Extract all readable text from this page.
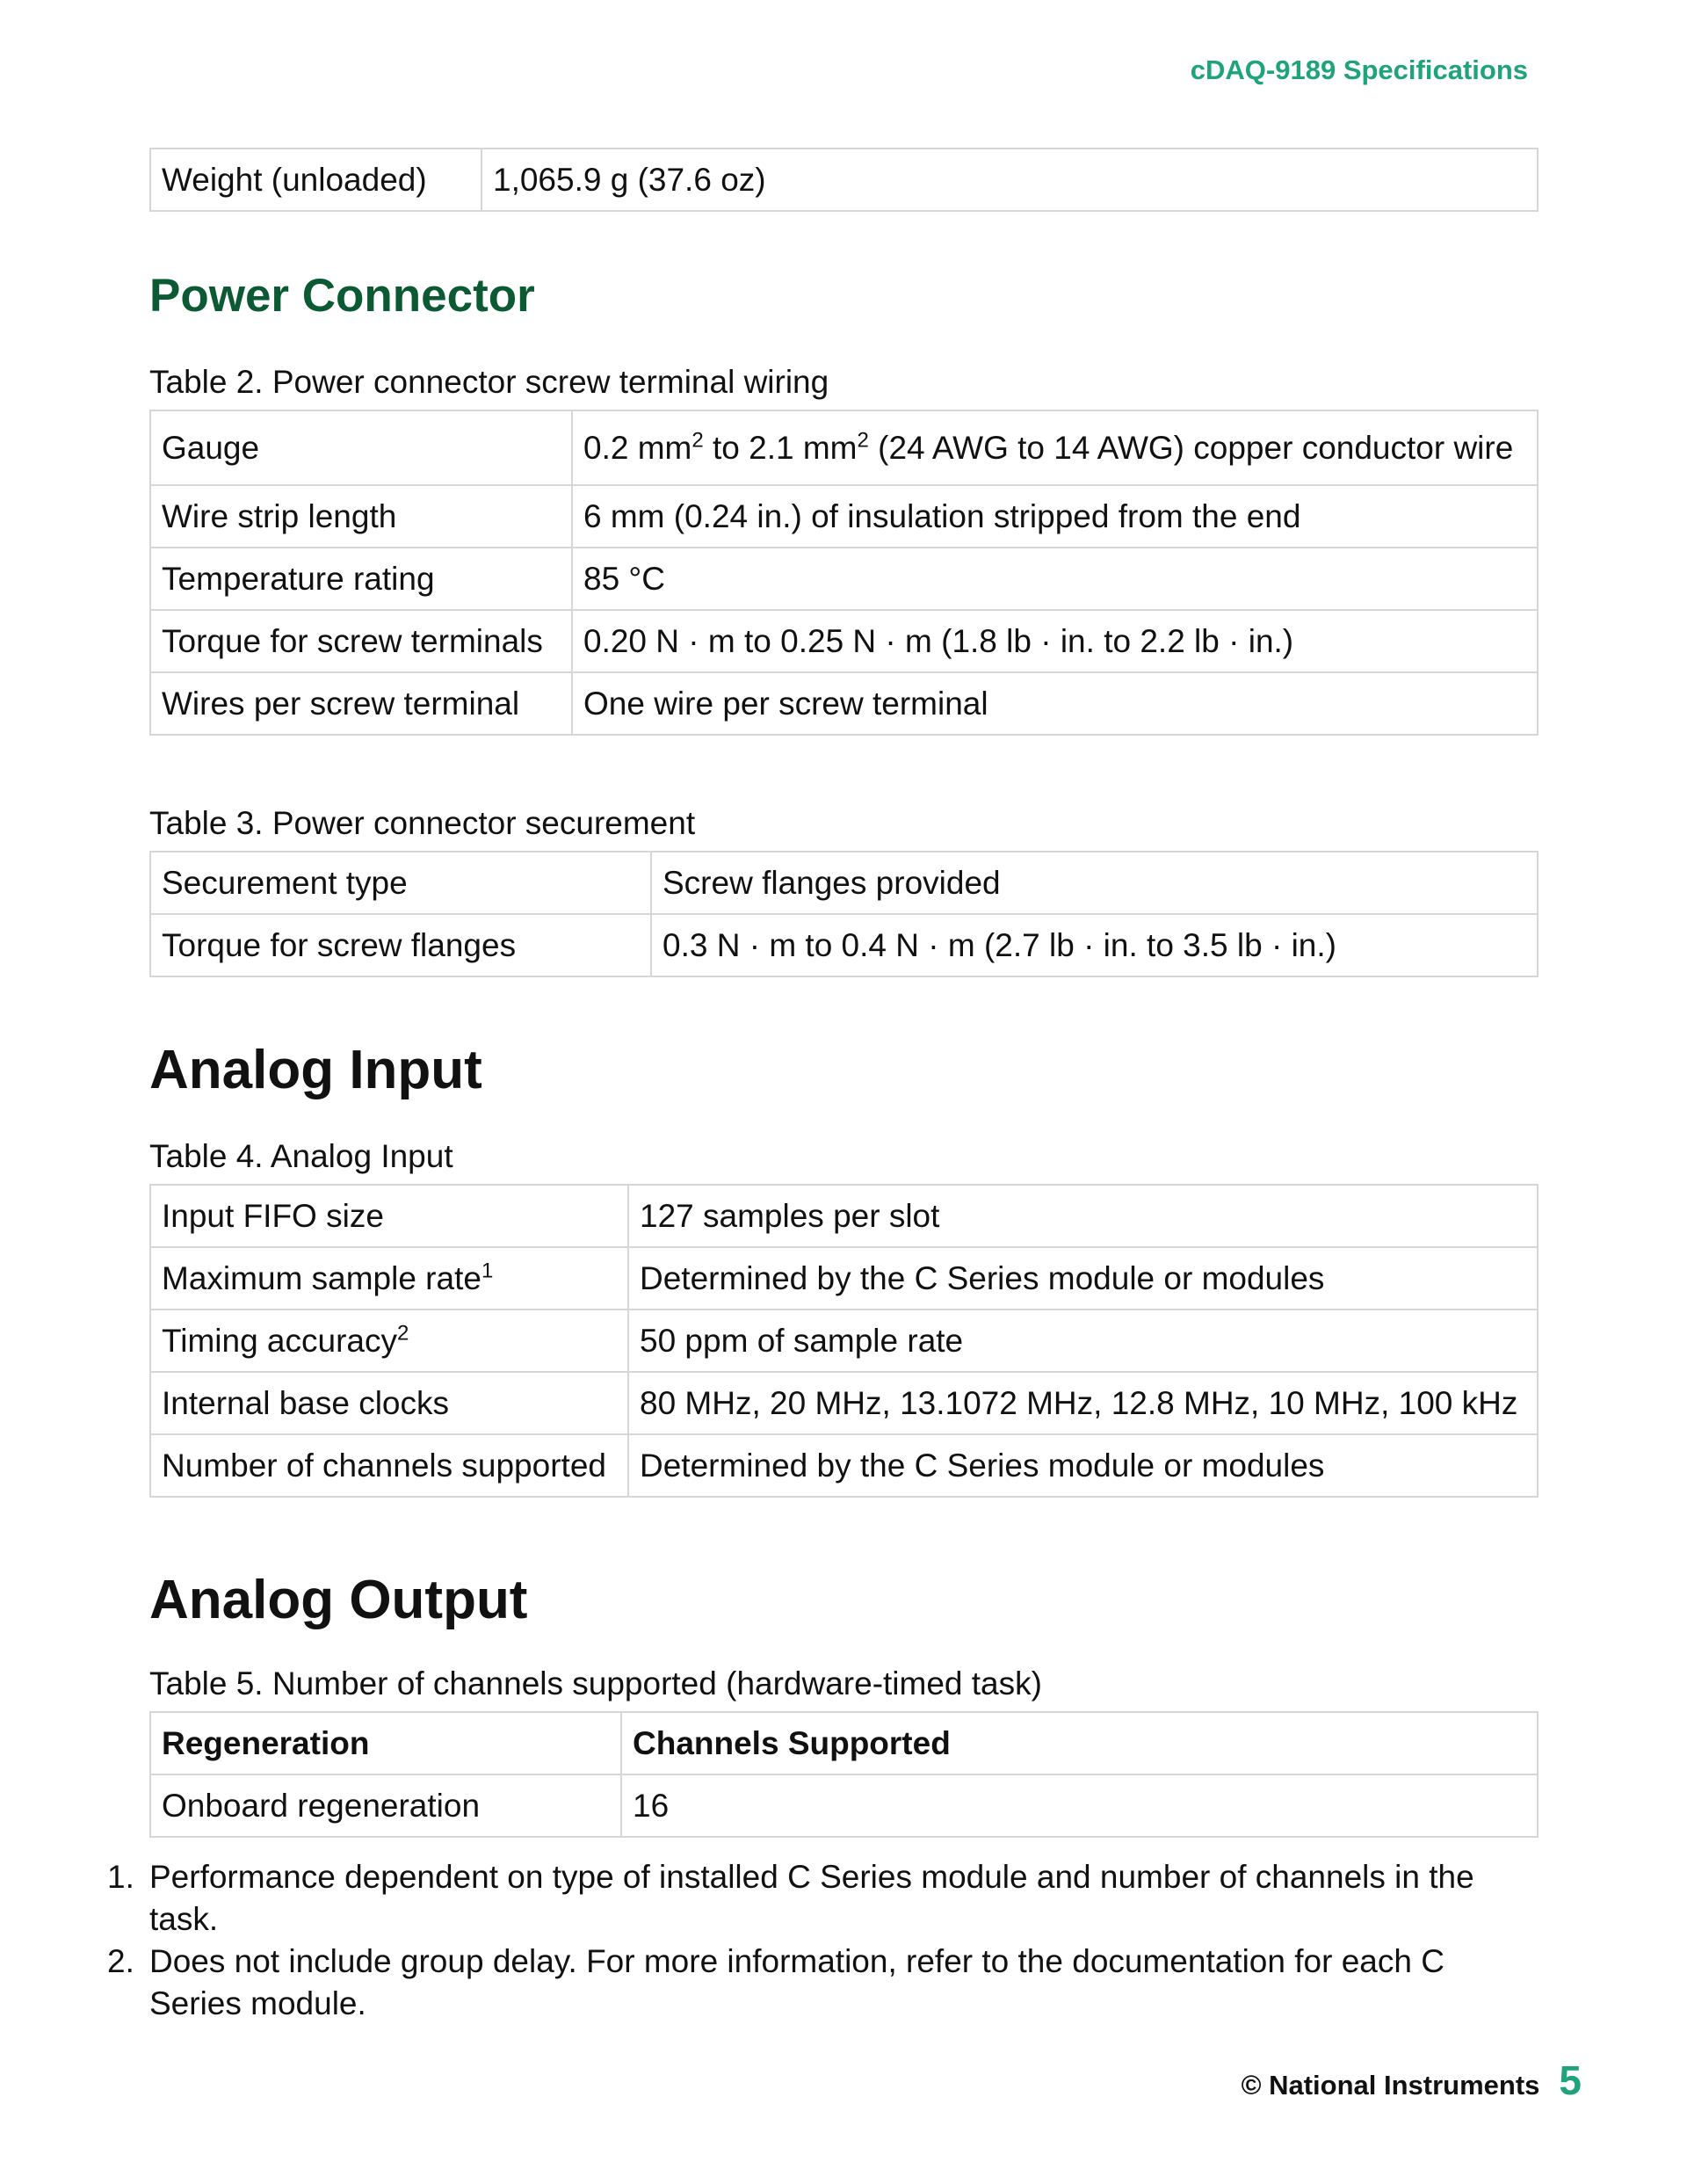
cDAQ-9189 Specifications
Weight (unloaded)	1,065.9 g (37.6 oz)
Power Connector
Table 2. Power connector screw terminal wiring
Gauge	0.2 $mm^2$ to 2.1 $mm^2$ (24 AWG to 14 AWG) copper conductor wire
Wire strip length	6 mm (0.24 in.) of insulation stripped from the end
Temperature rating	85 °C
Torque for screw terminals	0.20 N · m to 0.25 N · m (1.8 lb · in. to 2.2 lb · in.)
Wires per screw terminal	One wire per screw terminal
Table 3. Power connector securement
Securement type	Screw flanges provided
Torque for screw flanges	0.3 N · m to 0.4 N · m (2.7 lb · in. to 3.5 lb · in.)
Analog Input
Table 4. Analog Input
Input FIFO size	127 samples per slot
Maximum sample rate$^1$	Determined by the C Series module or modules
Timing accuracy$^2$	50 ppm of sample rate
Internal base clocks	80 MHz, 20 MHz, 13.1072 MHz, 12.8 MHz, 10 MHz, 100 kHz
Number of channels supported	Determined by the C Series module or modules
Analog Output
Table 5. Number of channels supported (hardware-timed task)
Regeneration	Channels Supported
Onboard regeneration	16
1. Performance dependent on type of installed C Series module and number of channels in the task.
2. Does not include group delay. For more information, refer to the documentation for each C Series module.
© National Instruments 5
